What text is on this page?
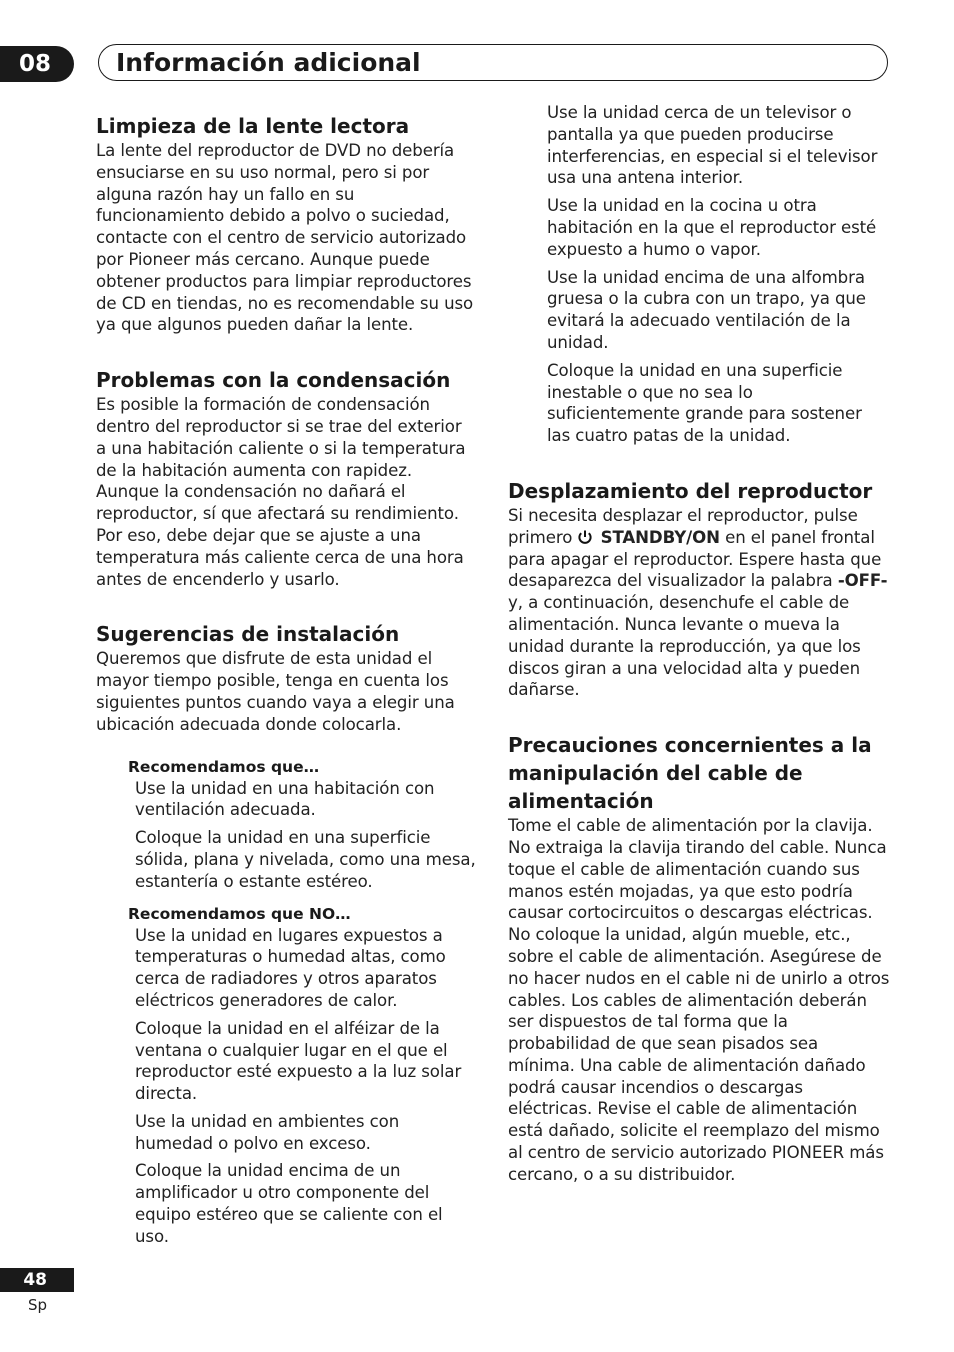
08	Información adicional
Limpieza de la lente lectora

La lente del reproductor de DVD no debería ensuciarse en su uso normal, pero si por alguna razón hay un fallo en su funcionamiento debido a polvo o suciedad, contacte con el centro de servicio autorizado por Pioneer más cercano. Aunque puede obtener productos para limpiar reproductores de CD en tiendas, no es recomendable su uso ya que algunos pueden dañar la lente.

Problemas con la condensación

Es posible la formación de condensación dentro del reproductor si se trae del exterior a una habitación caliente o si la temperatura de la habitación aumenta con rapidez. Aunque la condensación no dañará el reproductor, sí que afectará su rendimiento. Por eso, debe dejar que se ajuste a una temperatura más caliente cerca de una hora antes de encenderlo y usarlo.

Sugerencias de instalación

Queremos que disfrute de esta unidad el mayor tiempo posible, tenga en cuenta los siguientes puntos cuando vaya a elegir una ubicación adecuada donde colocarla.

Recomendamos que…

Use la unidad en una habitación con ventilación adecuada.

Coloque la unidad en una superficie sólida, plana y nivelada, como una mesa, estantería o estante estéreo.

Recomendamos que NO…

Use la unidad en lugares expuestos a temperaturas o humedad altas, como cerca de radiadores y otros aparatos eléctricos generadores de calor.

Coloque la unidad en el alféizar de la ventana o cualquier lugar en el que el reproductor esté expuesto a la luz solar directa.

Use la unidad en ambientes con humedad o polvo en exceso.

Coloque la unidad encima de un amplificador u otro componente del equipo estéreo que se caliente con el uso.

Use la unidad cerca de un televisor o pantalla ya que pueden producirse interferencias, en especial si el televisor usa una antena interior.

Use la unidad en la cocina u otra habitación en la que el reproductor esté expuesto a humo o vapor.

Use la unidad encima de una alfombra gruesa o la cubra con un trapo, ya que evitará la adecuado ventilación de la unidad.

Coloque la unidad en una superficie inestable o que no sea lo suficientemente grande para sostener las cuatro patas de la unidad.

Desplazamiento del reproductor

Si necesita desplazar el reproductor, pulse primero  STANDBY/ON en el panel frontal para apagar el reproductor. Espere hasta que desaparezca del visualizador la palabra -OFF- y, a continuación, desenchufe el cable de alimentación. Nunca levante o mueva la unidad durante la reproducción, ya que los discos giran a una velocidad alta y pueden dañarse.

Precauciones concernientes a la manipulación del cable de alimentación

Tome el cable de alimentación por la clavija. No extraiga la clavija tirando del cable. Nunca toque el cable de alimentación cuando sus manos estén mojadas, ya que esto podría causar cortocircuitos o descargas eléctricas. No coloque la unidad, algún mueble, etc., sobre el cable de alimentación. Asegúrese de no hacer nudos en el cable ni de unirlo a otros cables. Los cables de alimentación deberán ser dispuestos de tal forma que la probabilidad de que sean pisados sea mínima. Una cable de alimentación dañado podrá causar incendios o descargas eléctricas. Revise el cable de alimentación está dañado, solicite el reemplazo del mismo al centro de servicio autorizado PIONEER más cercano, o a su distribuidor.

48
Sp
